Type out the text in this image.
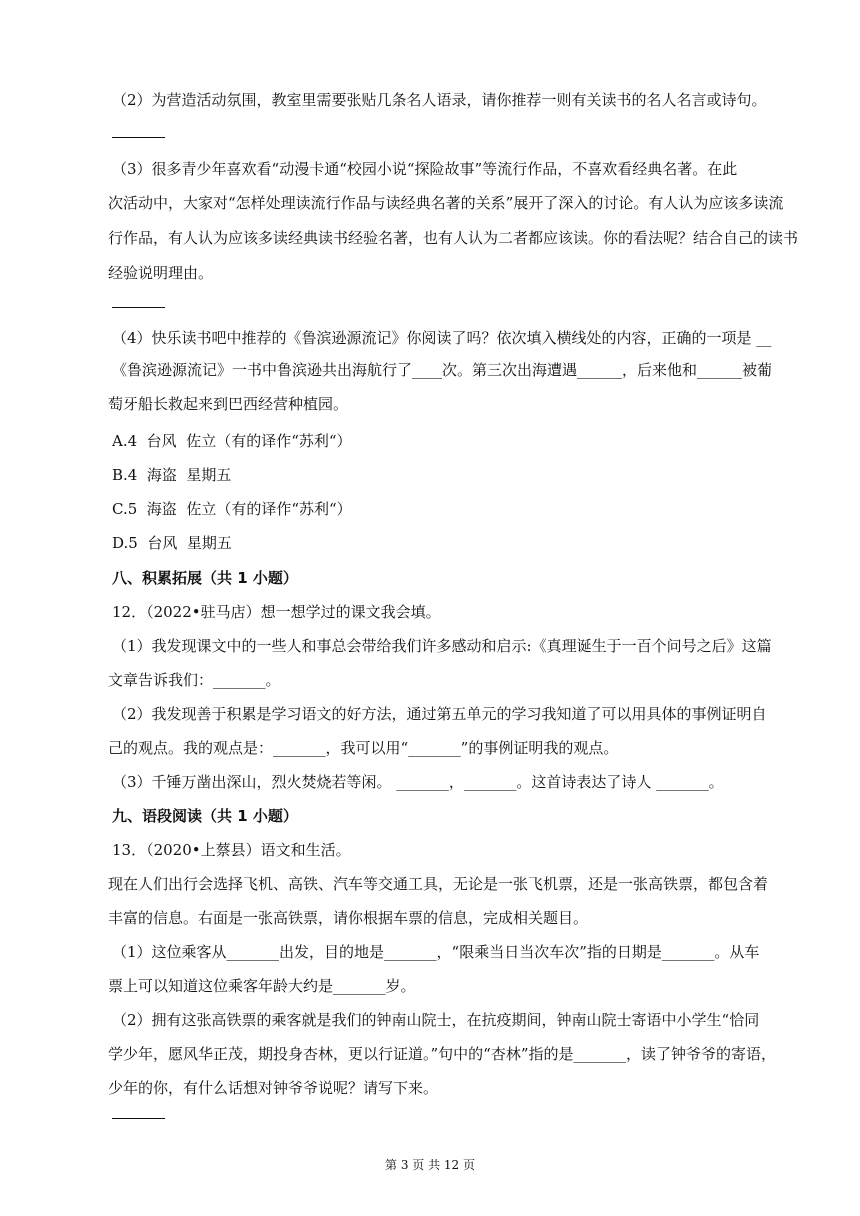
（2）为营造活动氛围，教室里需要张贴几条名人语录，请你推荐一则有关读书的名人名言或诗句。
（3）很多青少年喜欢看“动漫卡通“校园小说“探险故事”等流行作品，不喜欢看经典名著。在此
次活动中，大家对“怎样处理读流行作品与读经典名著的关系”展开了深入的讨论。有人认为应该多读流
行作品，有人认为应该多读经典读书经验名著，也有人认为二者都应该读。你的看法呢？结合自己的读书
经验说明理由。
（4）快乐读书吧中推荐的《鲁滨逊源流记》你阅读了吗？依次填入横线处的内容，正确的一项是 __
《鲁滨逊源流记》一书中鲁滨逊共出海航行了____次。第三次出海遭遇______，后来他和______被葡
萄牙船长救起来到巴西经营种植园。
A.4  台风  佐立（有的译作“苏利“）
B.4  海盗  星期五
C.5  海盗  佐立（有的译作“苏利“）
D.5  台风  星期五
八、积累拓展（共 1 小题）
12．（2022•驻马店）想一想学过的课文我会填。
（1）我发现课文中的一些人和事总会带给我们许多感动和启示:《真理诞生于一百个问号之后》这篇
文章告诉我们：_______。
（2）我发现善于积累是学习语文的好方法，通过第五单元的学习我知道了可以用具体的事例证明自
己的观点。我的观点是：_______，我可以用“_______”的事例证明我的观点。
（3）千锤万凿出深山，烈火焚烧若等闲。 _______，_______。这首诗表达了诗人 _______。
九、语段阅读（共 1 小题）
13．（2020•上蔡县）语文和生活。
现在人们出行会选择飞机、高铁、汽车等交通工具，无论是一张飞机票，还是一张高铁票，都包含着
丰富的信息。右面是一张高铁票，请你根据车票的信息，完成相关题目。
（1）这位乘客从_______出发，目的地是_______，“限乘当日当次车次”指的日期是_______。从车
票上可以知道这位乘客年龄大约是_______岁。
（2）拥有这张高铁票的乘客就是我们的钟南山院士，在抗疫期间，钟南山院士寄语中小学生“恰同
学少年，愿风华正茂，期投身杏林，更以行证道。”句中的“杏林”指的是_______，读了钟爷爷的寄语，
少年的你，有什么话想对钟爷爷说呢？请写下来。
第 3 页 共 12 页
